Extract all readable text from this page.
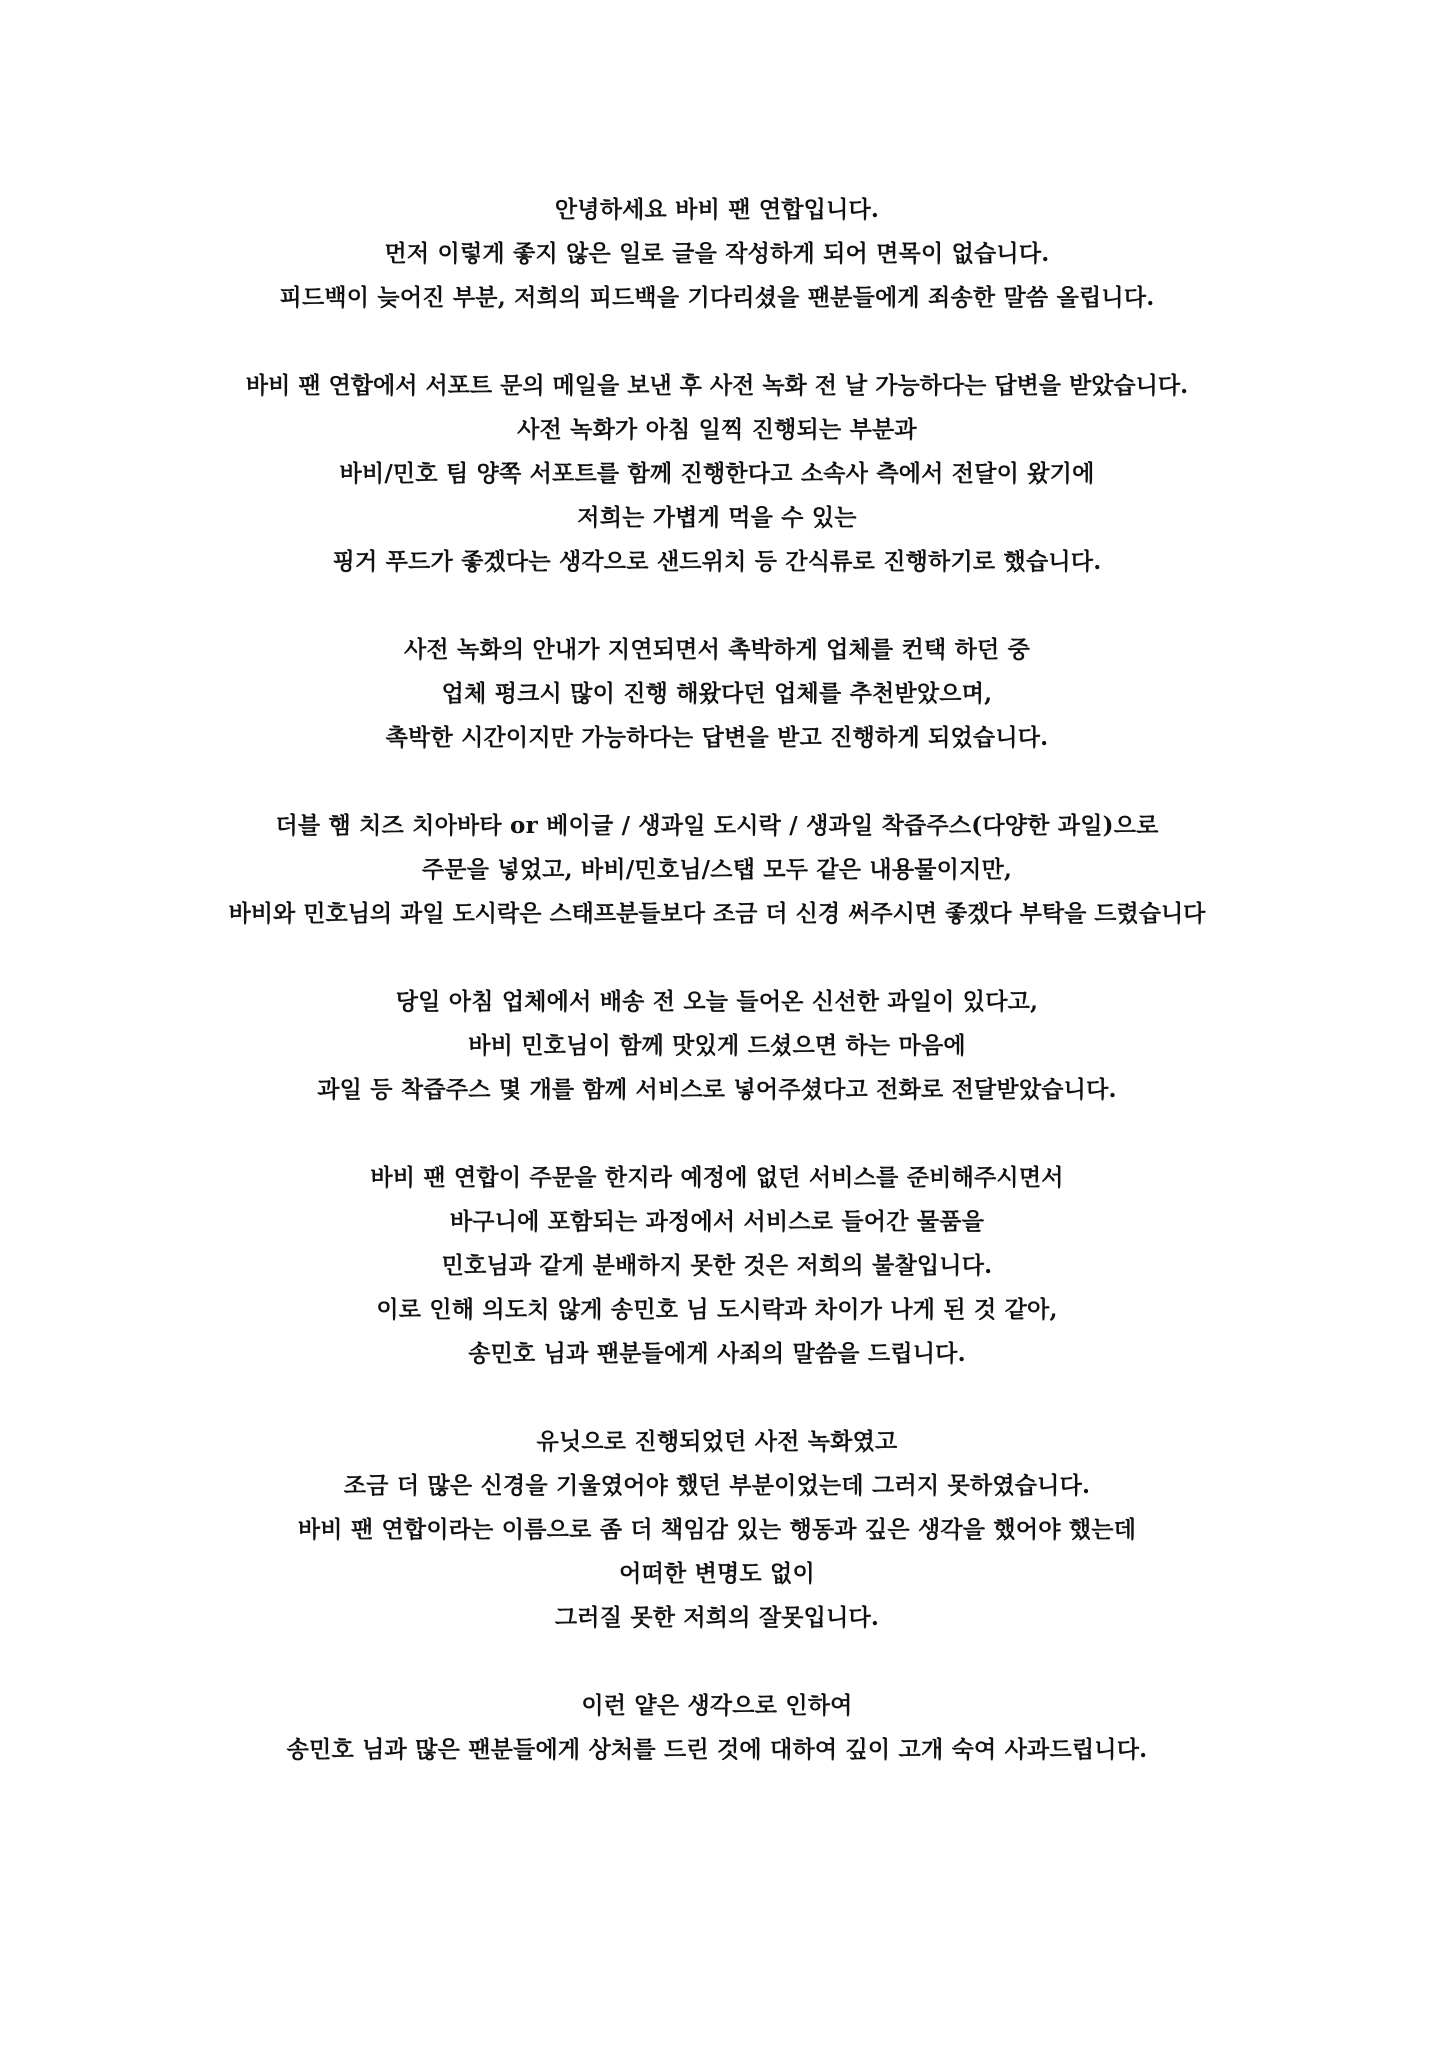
안녕하세요 바비 팬 연합입니다.
먼저 이렇게 좋지 않은 일로 글을 작성하게 되어 면목이 없습니다.
피드백이 늦어진 부분, 저희의 피드백을 기다리셨을 팬분들에게 죄송한 말씀 올립니다.
바비 팬 연합에서 서포트 문의 메일을 보낸 후 사전 녹화 전 날 가능하다는 답변을 받았습니다.
사전 녹화가 아침 일찍 진행되는 부분과
바비/민호 팀 양쪽 서포트를 함께 진행한다고 소속사 측에서 전달이 왔기에
저희는 가볍게 먹을 수 있는
핑거 푸드가 좋겠다는 생각으로 샌드위치 등 간식류로 진행하기로 했습니다.
사전 녹화의 안내가 지연되면서 촉박하게 업체를 컨택 하던 중
업체 펑크시 많이 진행 해왔다던 업체를 추천받았으며,
촉박한 시간이지만 가능하다는 답변을 받고 진행하게 되었습니다.
더블 햄 치즈 치아바타 or 베이글 / 생과일 도시락 / 생과일 착즙주스(다양한 과일)으로
주문을 넣었고, 바비/민호님/스탭 모두 같은 내용물이지만,
바비와 민호님의 과일 도시락은 스태프분들보다 조금 더 신경 써주시면 좋겠다 부탁을 드렸습니다
당일 아침 업체에서 배송 전 오늘 들어온 신선한 과일이 있다고,
바비 민호님이 함께 맛있게 드셨으면 하는 마음에
과일 등 착즙주스 몇 개를 함께 서비스로 넣어주셨다고 전화로 전달받았습니다.
바비 팬 연합이 주문을 한지라 예정에 없던 서비스를 준비해주시면서
바구니에 포함되는 과정에서 서비스로 들어간 물품을
민호님과 같게 분배하지 못한 것은 저희의 불찰입니다.
이로 인해 의도치 않게 송민호 님 도시락과 차이가 나게 된 것 같아,
송민호 님과 팬분들에게 사죄의 말씀을 드립니다.
유닛으로 진행되었던 사전 녹화였고
조금 더 많은 신경을 기울였어야 했던 부분이었는데 그러지 못하였습니다.
바비 팬 연합이라는 이름으로 좀 더 책임감 있는 행동과 깊은 생각을 했어야 했는데
어떠한 변명도 없이
그러질 못한 저희의 잘못입니다.
이런 얕은 생각으로 인하여
송민호 님과 많은 팬분들에게 상처를 드린 것에 대하여 깊이 고개 숙여 사과드립니다.
